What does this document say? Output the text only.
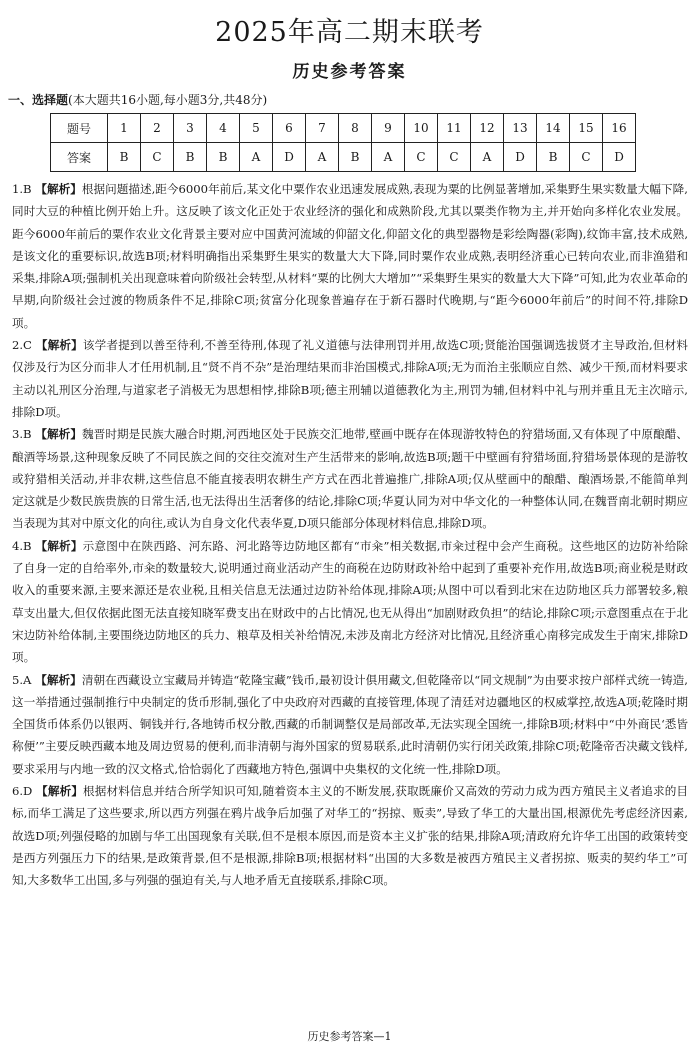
2025年高二期末联考
历史参考答案
一、选择题(本大题共16小题,每小题3分,共48分)
题号	1	2	3	4	5	6	7	8	9	10	11	12	13	14	15	16
答案	B	C	B	B	A	D	A	B	A	C	C	A	D	B	C	D

1.B 【解析】根据问题描述,距今6000年前后,某文化中粟作农业迅速发展成熟,表现为粟的比例显著增加,采集野生果实数量大幅下降,同时大豆的种植比例开始上升。这反映了该文化正处于农业经济的强化和成熟阶段,尤其以粟类作物为主,并开始向多样化农业发展。距今6000年前后的粟作农业文化背景主要对应中国黄河流域的仰韶文化,仰韶文化的典型器物是彩绘陶器(彩陶),纹饰丰富,技术成熟,是该文化的重要标识,故选B项;材料明确指出采集野生果实的数量大大下降,同时粟作农业成熟,表明经济重心已转向农业,而非渔猎和采集,排除A项;强制机关出现意味着向阶级社会转型,从材料“粟的比例大大增加”“采集野生果实的数量大大下降”可知,此为农业革命的早期,向阶级社会过渡的物质条件不足,排除C项;贫富分化现象普遍存在于新石器时代晚期,与“距今6000年前后”的时间不符,排除D项。

2.C 【解析】该学者提到以善至待利,不善至待刑,体现了礼义道德与法律刑罚并用,故选C项;贤能治国强调选拔贤才主导政治,但材料仅涉及行为区分而非人才任用机制,且“贤不肖不杂”是治理结果而非治国模式,排除A项;无为而治主张顺应自然、减少干预,而材料要求主动以礼刑区分治理,与道家老子消极无为思想相悖,排除B项;德主刑辅以道德教化为主,刑罚为辅,但材料中礼与刑并重且无主次暗示,排除D项。

3.B 【解析】魏晋时期是民族大融合时期,河西地区处于民族交汇地带,壁画中既存在体现游牧特色的狩猎场面,又有体现了中原酿醋、酿酒等场景,这种现象反映了不同民族之间的交往交流对生产生活带来的影响,故选B项;题干中壁画有狩猎场面,狩猎场景体现的是游牧或狩猎相关活动,并非农耕,这些信息不能直接表明农耕生产方式在西北普遍推广,排除A项;仅从壁画中的酿醋、酿酒场景,不能简单判定这就是少数民族贵族的日常生活,也无法得出生活奢侈的结论,排除C项;华夏认同为对中华文化的一种整体认同,在魏晋南北朝时期应当表现为其对中原文化的向往,或认为自身文化代表华夏,D项只能部分体现材料信息,排除D项。

4.B 【解析】示意图中在陕西路、河东路、河北路等边防地区都有“市籴”相关数据,市籴过程中会产生商税。这些地区的边防补给除了自身一定的自给率外,市籴的数量较大,说明通过商业活动产生的商税在边防财政补给中起到了重要补充作用,故选B项;商业税是财政收入的重要来源,主要来源还是农业税,且相关信息无法通过边防补给体现,排除A项;从图中可以看到北宋在边防地区兵力部署较多,粮草支出量大,但仅依据此图无法直接知晓军费支出在财政中的占比情况,也无从得出“加剧财政负担”的结论,排除C项;示意图重点在于北宋边防补给体制,主要围绕边防地区的兵力、粮草及相关补给情况,未涉及南北方经济对比情况,且经济重心南移完成发生于南宋,排除D项。

5.A 【解析】清朝在西藏设立宝藏局并铸造“乾隆宝藏”钱币,最初设计俱用藏文,但乾隆帝以“同文规制”为由要求按户部样式统一铸造,这一举措通过强制推行中央制定的货币形制,强化了中央政府对西藏的直接管理,体现了清廷对边疆地区的权威掌控,故选A项;乾隆时期全国货币体系仍以银两、铜钱并行,各地铸币权分散,西藏的币制调整仅是局部改革,无法实现全国统一,排除B项;材料中“中外商民‘悉皆称便’”主要反映西藏本地及周边贸易的便利,而非清朝与海外国家的贸易联系,此时清朝仍实行闭关政策,排除C项;乾隆帝否决藏文钱样,要求采用与内地一致的汉文格式,恰恰弱化了西藏地方特色,强调中央集权的文化统一性,排除D项。

6.D 【解析】根据材料信息并结合所学知识可知,随着资本主义的不断发展,获取既廉价又高效的劳动力成为西方殖民主义者追求的目标,而华工满足了这些要求,所以西方列强在鸦片战争后加强了对华工的“拐掠、贩卖”,导致了华工的大量出国,根源优先考虑经济因素,故选D项;列强侵略的加剧与华工出国现象有关联,但不是根本原因,而是资本主义扩张的结果,排除A项;清政府允许华工出国的政策转变是西方列强压力下的结果,是政策背景,但不是根源,排除B项;根据材料“出国的大多数是被西方殖民主义者拐掠、贩卖的契约华工”可知,大多数华工出国,多与列强的强迫有关,与人地矛盾无直接联系,排除C项。

历史参考答案—1
